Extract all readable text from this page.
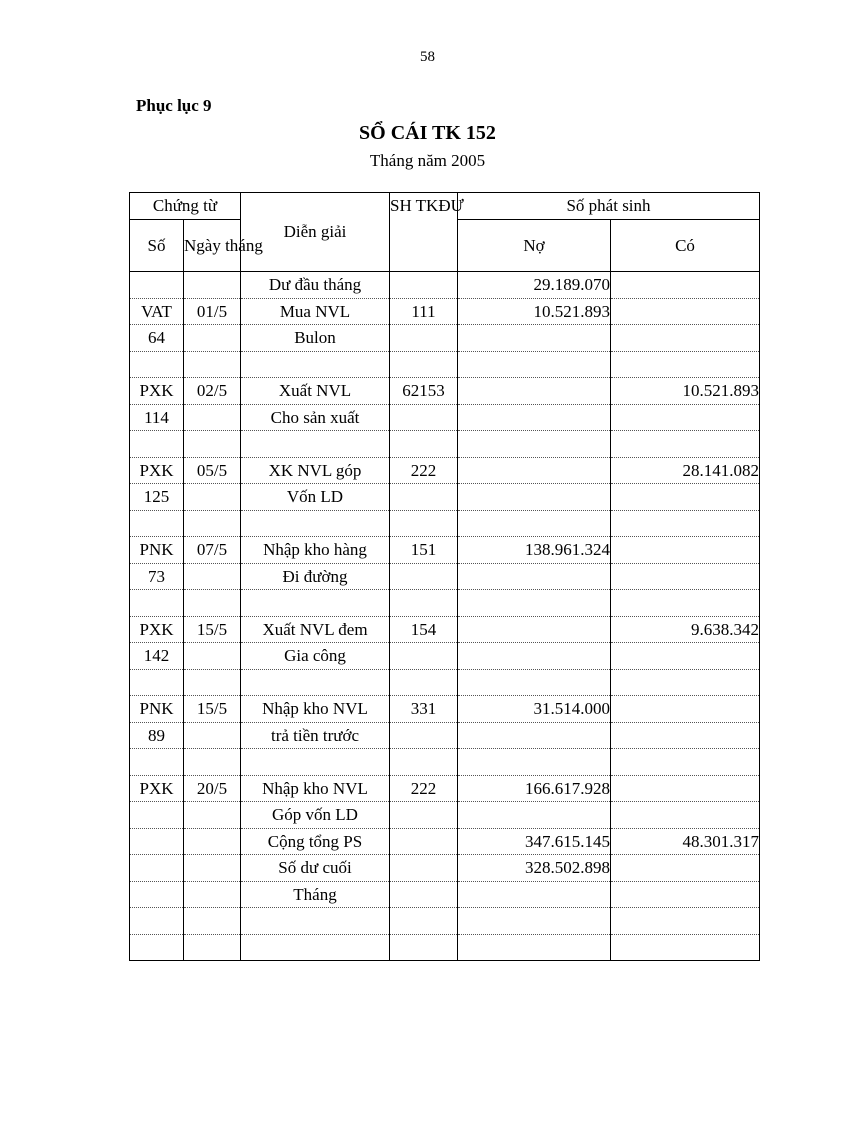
58
Phục lục 9
SỔ CÁI TK 152
Tháng năm 2005
Chứng từ		Diễn giải	SH TKĐƯ	Số phát sinh	
Số	Ngày tháng			Nợ	Có
		Dư đầu tháng		29.189.070	
VAT	01/5	Mua NVL	111	10.521.893	
64		Bulon			

PXK	02/5	Xuất NVL	62153		10.521.893
114		Cho sản xuất			

PXK	05/5	XK NVL góp	222		28.141.082
125		Vốn LD			

PNK	07/5	Nhập kho hàng	151	138.961.324	
73		Đi đường			

PXK	15/5	Xuất NVL đem	154		9.638.342
142		Gia công			

PNK	15/5	Nhập kho NVL	331	31.514.000	
89		trả tiền trước			

PXK	20/5	Nhập kho NVL	222	166.617.928	
		Góp vốn LD			
		Cộng tổng PS		347.615.145	48.301.317
		Số dư cuối		328.502.898	
		Tháng			
